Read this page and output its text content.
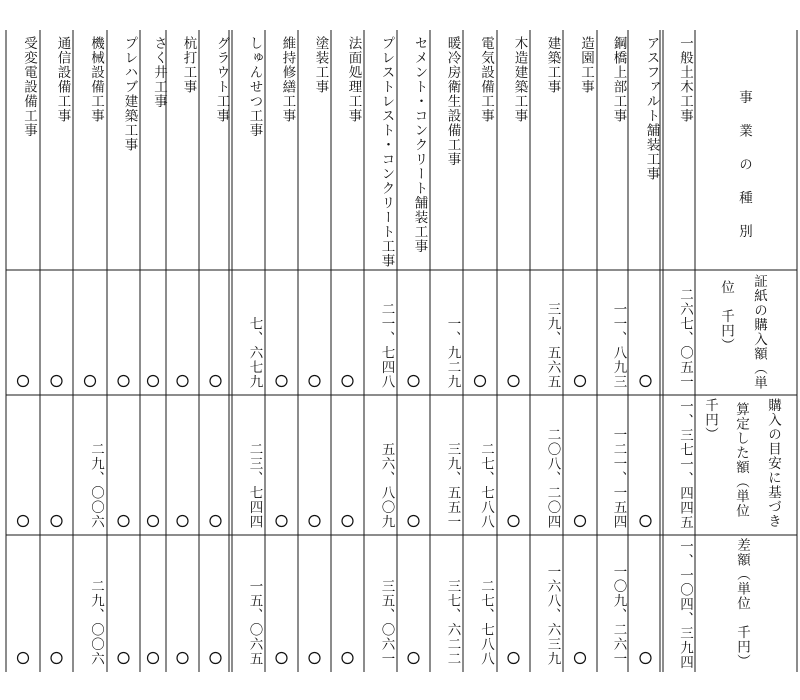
事業の種別
証紙の購入額（単
位　千円）
購入の目安に基づき
算定した額（単位
千円）
差額（単位　千円）
一般土木工事
二六七、〇五一
一、三七一、四四五
一、一〇四、三九四
アスファルト舗装工事
鋼橋上部工事
一一、八九三
一二一、一五四
一〇九、二六一
造園工事
建築工事
三九、五六五
二〇八、二〇四
一六八、六三九
木造建築工事
電気設備工事
二七、七八八
二七、七八八
暖冷房衛生設備工事
一、九二九
三九、五五一
三七、六二二
セメント・コンクリート舗装工事
プレストレスト・コンクリート工事
二一、七四八
五六、八〇九
三五、〇六一
法面処理工事
塗装工事
維持修繕工事
しゅんせつ工事
七、六七九
二三、七四四
一五、〇六五
グラウト工事
杭打工事
さく井工事
プレハブ建築工事
機械設備工事
二九、〇〇六
二九、〇〇六
通信設備工事
受変電設備工事
